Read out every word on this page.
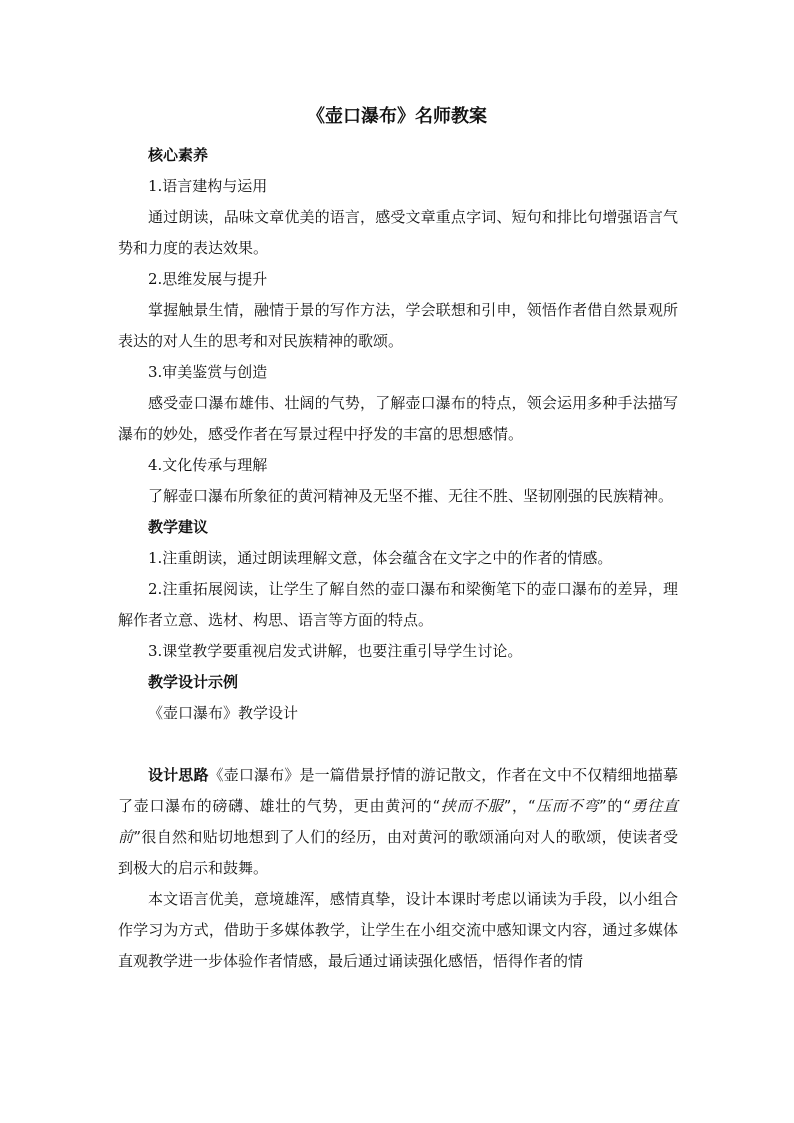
《壶口瀑布》名师教案

核心素养

1.语言建构与运用

通过朗读，品味文章优美的语言，感受文章重点字词、短句和排比句增强语言气势和力度的表达效果。

2.思维发展与提升

掌握触景生情，融情于景的写作方法，学会联想和引申，领悟作者借自然景观所表达的对人生的思考和对民族精神的歌颂。

3.审美鉴赏与创造

感受壶口瀑布雄伟、壮阔的气势，了解壶口瀑布的特点，领会运用多种手法描写瀑布的妙处，感受作者在写景过程中抒发的丰富的思想感情。

4.文化传承与理解

了解壶口瀑布所象征的黄河精神及无坚不摧、无往不胜、坚韧刚强的民族精神。

教学建议

1.注重朗读，通过朗读理解文意，体会蕴含在文字之中的作者的情感。

2.注重拓展阅读，让学生了解自然的壶口瀑布和梁衡笔下的壶口瀑布的差异，理解作者立意、选材、构思、语言等方面的特点。

3.课堂教学要重视启发式讲解，也要注重引导学生讨论。

教学设计示例

《壶口瀑布》教学设计

设计思路《壶口瀑布》是一篇借景抒情的游记散文，作者在文中不仅精细地描摹了壶口瀑布的磅礴、雄壮的气势，更由黄河的“挟而不服”，“压而不弯”的“勇往直前”很自然和贴切地想到了人们的经历，由对黄河的歌颂涌向对人的歌颂，使读者受到极大的启示和鼓舞。

本文语言优美，意境雄浑，感情真挚，设计本课时考虑以诵读为手段，以小组合作学习为方式，借助于多媒体教学，让学生在小组交流中感知课文内容，通过多媒体直观教学进一步体验作者情感，最后通过诵读强化感悟，悟得作者的情
